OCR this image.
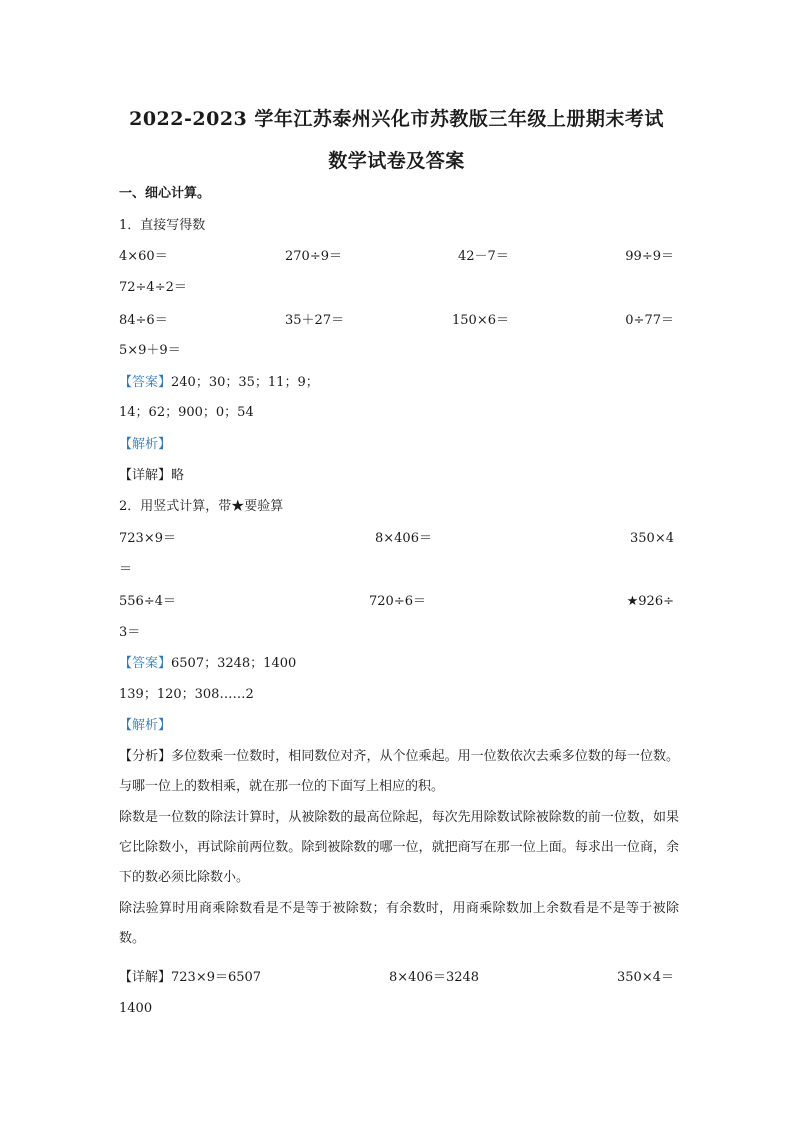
2022-2023 学年江苏泰州兴化市苏教版三年级上册期末考试
数学试卷及答案
一、细心计算。
1．直接写得数
4×60＝	270÷9＝	42－7＝	99÷9＝
72÷4÷2＝
84÷6＝	35＋27＝	150×6＝	0÷77＝
5×9＋9＝
【答案】240；30；35；11；9；
14；62；900；0；54
【解析】
【详解】略
2．用竖式计算，带★要验算
723×9＝	8×406＝	350×4
＝
556÷4＝	720÷6＝	★926÷
3＝
【答案】6507；3248；1400
139；120；308……2
【解析】
【分析】多位数乘一位数时，相同数位对齐，从个位乘起。用一位数依次去乘多位数的每一位数。与哪一位上的数相乘，就在那一位的下面写上相应的积。
除数是一位数的除法计算时，从被除数的最高位除起，每次先用除数试除被除数的前一位数，如果它比除数小，再试除前两位数。除到被除数的哪一位，就把商写在那一位上面。每求出一位商，余下的数必须比除数小。
除法验算时用商乘除数看是不是等于被除数；有余数时，用商乘除数加上余数看是不是等于被除数。
【详解】723×9＝6507	8×406＝3248	350×4＝
1400
